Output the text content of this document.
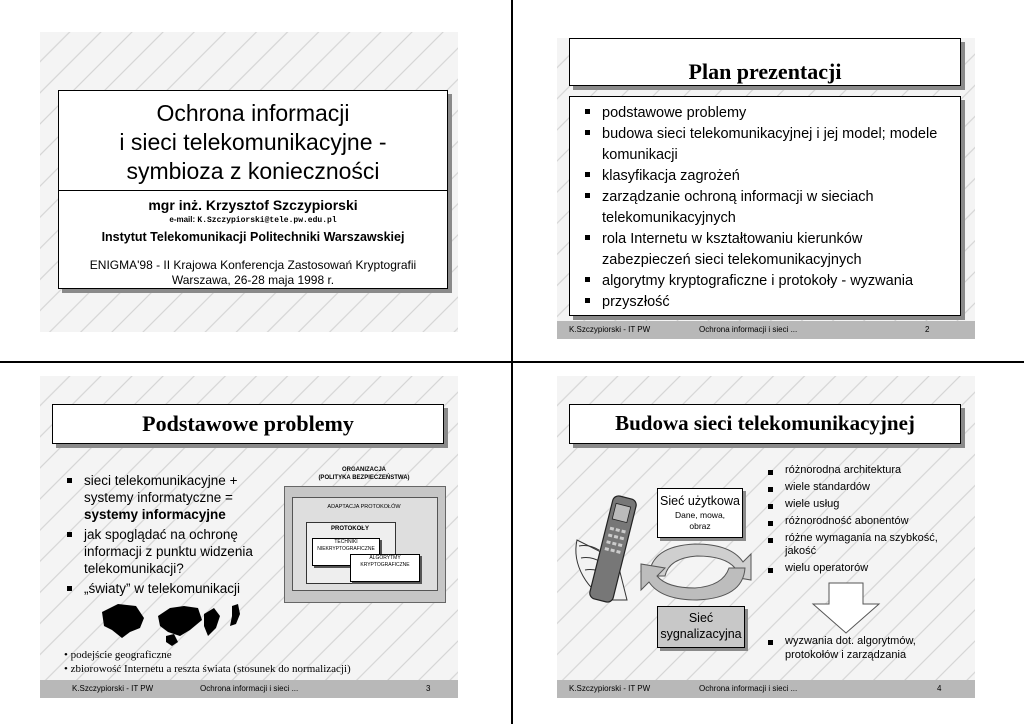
Ochrona informacji
i sieci telekomunikacyjne -
symbioza z konieczności
mgr inż. Krzysztof Szczypiorski
e-mail: K.Szczypiorski@tele.pw.edu.pl
Instytut Telekomunikacji Politechniki Warszawskiej
ENIGMA'98 - II Krajowa Konferencja Zastosowań Kryptografii
Warszawa, 26-28 maja 1998 r.
Plan prezentacji
podstawowe problemy
budowa sieci telekomunikacyjnej i jej model; modele komunikacji
klasyfikacja zagrożeń
zarządzanie ochroną informacji w sieciach telekomunikacyjnych
rola Internetu w kształtowaniu kierunków zabezpieczeń sieci telekomunikacyjnych
algorytmy kryptograficzne i protokoły - wyzwania
przyszłość
K.Szczypiorski - IT PW	Ochrona informacji i sieci ...	2
Podstawowe problemy
sieci telekomunikacyjne + systemy informatyczne = systemy informacyjne
jak spoglądać na ochronę informacji z punktu widzenia telekomunikacji?
„światy” w telekomunikacji
ORGANIZACJA
(POLITYKA BEZPIECZEŃSTWA)
ADAPTACJA PROTOKOŁÓW
PROTOKOŁY
TECHNIKI NIEKRYPTOGRAFICZNE
ALGORYTMY KRYPTOGRAFICZNE
• podejście geograficzne
• zbiorowość Internetu a reszta świata (stosunek do normalizacji)
K.Szczypiorski - IT PW	Ochrona informacji i sieci ...	3
Budowa sieci telekomunikacyjnej
Sieć użytkowa
Dane, mowa, obraz
Sieć sygnalizacyjna
różnorodna architektura
wiele standardów
wiele usług
różnorodność abonentów
różne wymagania na szybkość, jakość
wielu operatorów
wyzwania dot. algorytmów, protokołów i zarządzania
K.Szczypiorski - IT PW	Ochrona informacji i sieci ...	4
